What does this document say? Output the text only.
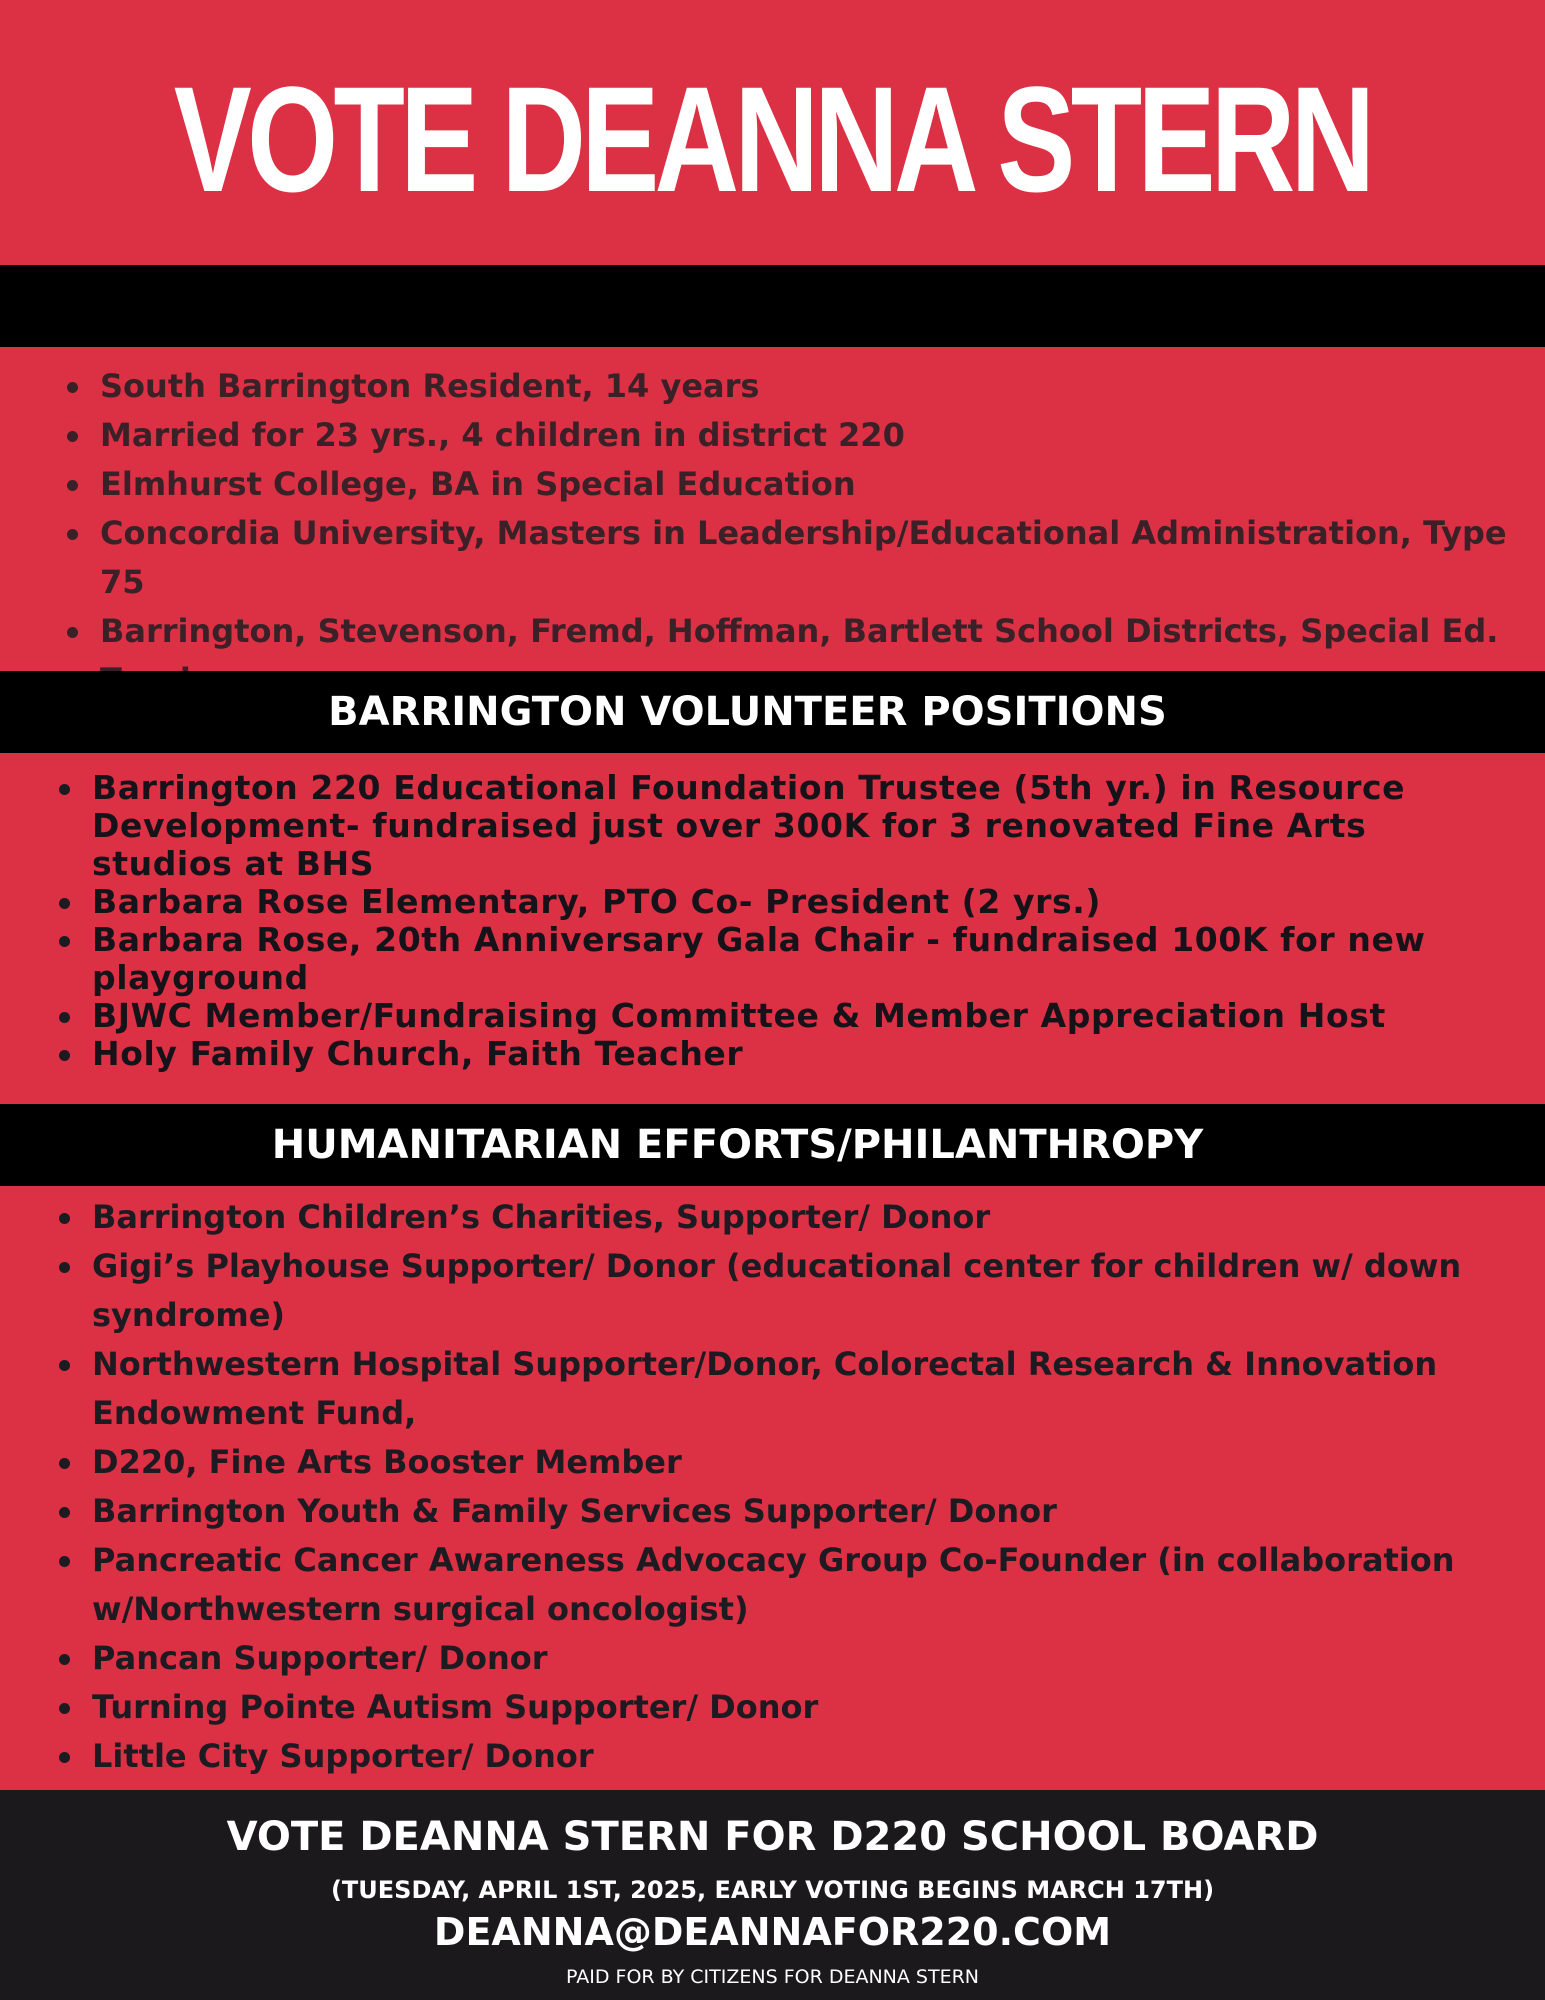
VOTE DEANNA STERN
South Barrington Resident, 14 years
Married for 23 yrs., 4 children in district 220
Elmhurst College, BA in Special Education
Concordia University, Masters in Leadership/Educational Administration, Type 75
Barrington, Stevenson, Fremd, Hoffman, Bartlett School Districts, Special Ed.
BARRINGTON VOLUNTEER POSITIONS
Barrington 220 Educational Foundation Trustee (5th yr.) in Resource Development- fundraised just over 300K for 3 renovated Fine Arts studios at BHS
Barbara Rose Elementary, PTO Co- President (2 yrs.)
Barbara Rose, 20th Anniversary Gala Chair - fundraised 100K for new playground
BJWC Member/Fundraising Committee & Member Appreciation Host
Holy Family Church, Faith Teacher
HUMANITARIAN EFFORTS/PHILANTHROPY
Barrington Children’s Charities, Supporter/ Donor
Gigi’s Playhouse Supporter/ Donor (educational center for children w/ down syndrome)
Northwestern Hospital Supporter/Donor, Colorectal Research & Innovation Endowment Fund,
D220, Fine Arts Booster Member
Barrington Youth & Family Services Supporter/ Donor
Pancreatic Cancer Awareness Advocacy Group Co-Founder (in collaboration w/Northwestern surgical oncologist)
Pancan Supporter/ Donor
Turning Pointe Autism Supporter/ Donor
Little City Supporter/ Donor
VOTE DEANNA STERN FOR D220 SCHOOL BOARD
(TUESDAY, APRIL 1ST, 2025, EARLY VOTING BEGINS MARCH 17TH)
DEANNA@DEANNAFOR220.COM
PAID FOR BY CITIZENS FOR DEANNA STERN
